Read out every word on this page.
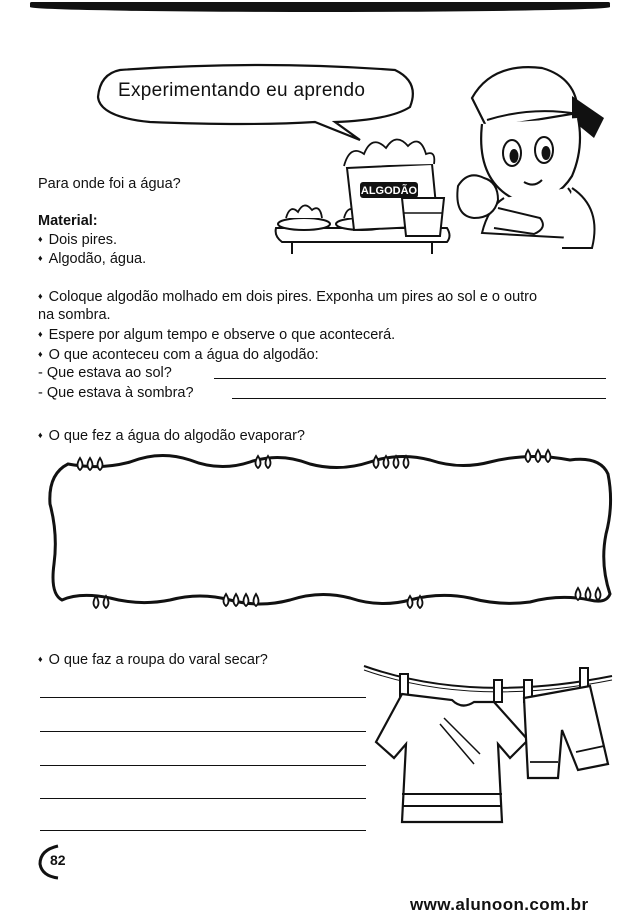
Experimentando eu aprendo
ALGODÃO
Para onde foi a água?
Material:
♦ Dois pires.
♦ Algodão, água.
♦ Coloque algodão molhado em dois pires. Exponha um pires ao sol e o outro
na sombra.
♦ Espere por algum tempo e observe o que acontecerá.
♦ O que aconteceu com a água do algodão:
- Que estava ao sol?
- Que estava à sombra?
♦ O que fez a água do algodão evaporar?
♦ O que faz a roupa do varal secar?
82
www.alunoon.com.br
